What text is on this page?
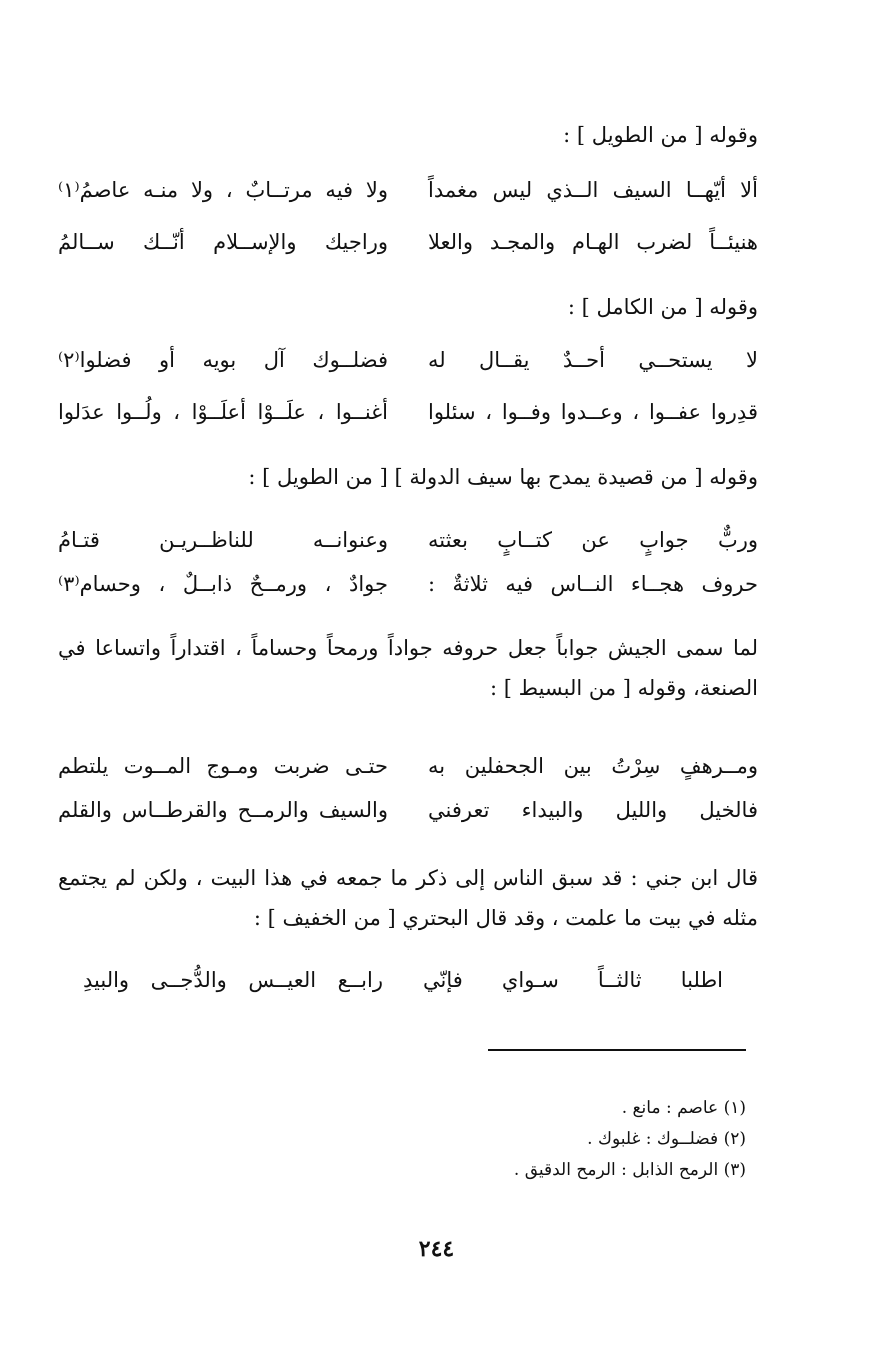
وقوله [ من الطويل ] :
ألا أيّهــا السيف الــذي ليس مغمداً
ولا فيه مرتــابٌ ، ولا منـه عاصمُ⁽١⁾
هنيئــاً لضرب الهـام والمجـد والعلا
وراجيك والإســلام أنّــك ســالمُ
وقوله [ من الكامل ] :
لا يستحــي أحــدٌ يقــال له
فضلــوك آل بويه أو فضلوا⁽٢⁾
قدِروا عفــوا ، وعــدوا وفــوا ، سئلوا
أغنــوا ، علَــوْا أعلَــوْا ، ولُــوا عدَلوا
وقوله [ من قصيدة يمدح بها سيف الدولة ] [ من الطويل ] :
وربٌّ جوابٍ عن كتــابٍ بعثته
وعنوانــه للناظــريـن قتـامُ
حروف هجــاء النــاس فيه ثلاثةٌ :
جوادٌ ، ورمــحٌ ذابــلٌ ، وحسام⁽٣⁾
لما سمى الجيش جواباً جعل حروفه جواداً ورمحاً وحساماً ، اقتداراً واتساعا في الصنعة، وقوله [ من البسيط ] :
ومــرهفٍ سِرْتُ بين الجحفلين به
حتـى ضربت ومـوج المــوت يلتطم
فالخيل والليل والبيداء تعرفني
والسيف والرمــح والقرطــاس والقلم
قال ابن جني : قد سبق الناس إلى ذكر ما جمعه في هذا البيت ، ولكن لم يجتمع مثله في بيت ما علمت ، وقد قال البحتري [ من الخفيف ] :
اطلبا ثالثــاً سـواي فإنّي
رابــع العيــس والدُّجــى والبيدِ
(١) عاصم : مانع .
(٢) فضلــوك : غلبوك .
(٣) الرمح الذابل : الرمح الدقيق .
٢٤٤
